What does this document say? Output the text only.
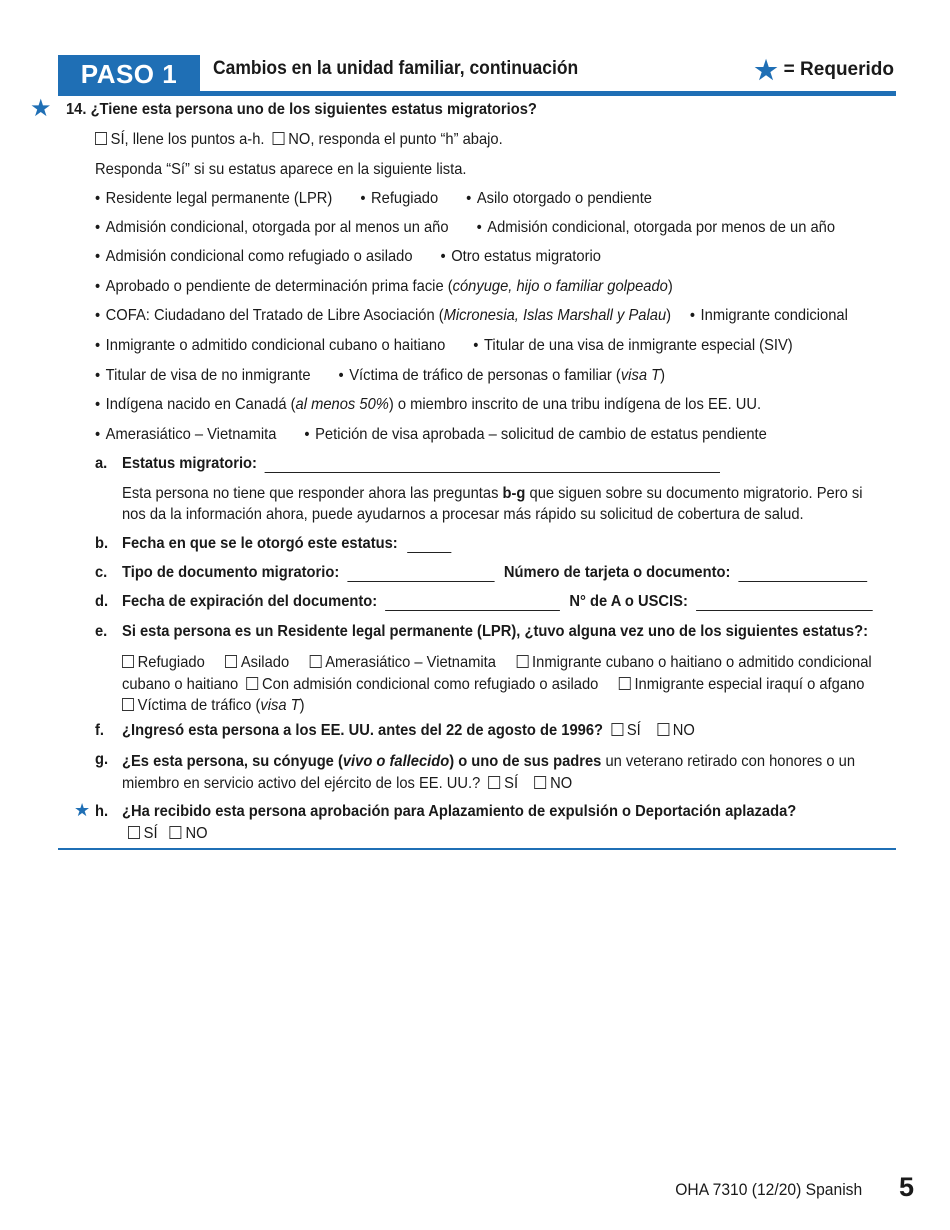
PASO 1	Cambios en la unidad familiar, continuación	★ = Requerido
★ 14. ¿Tiene esta persona uno de los siguientes estatus migratorios?
SÍ, llene los puntos a-h. NO, responda el punto “h” abajo.
Responda “Sí” si su estatus aparece en la siguiente lista.
• Residente legal permanente (LPR) • Refugiado • Asilo otorgado o pendiente
• Admisión condicional, otorgada por al menos un año • Admisión condicional, otorgada por menos de un año
• Admisión condicional como refugiado o asilado • Otro estatus migratorio
• Aprobado o pendiente de determinación prima facie (cónyuge, hijo o familiar golpeado)
• COFA: Ciudadano del Tratado de Libre Asociación (Micronesia, Islas Marshall y Palau) • Inmigrante condicional
• Inmigrante o admitido condicional cubano o haitiano • Titular de una visa de inmigrante especial (SIV)
• Titular de visa de no inmigrante • Víctima de tráfico de personas o familiar (visa T)
• Indígena nacido en Canadá (al menos 50%) o miembro inscrito de una tribu indígena de los EE. UU.
• Amerasiático – Vietnamita • Petición de visa aprobada – solicitud de cambio de estatus pendiente
a. Estatus migratorio:
Esta persona no tiene que responder ahora las preguntas b-g que siguen sobre su documento migratorio. Pero si nos da la información ahora, puede ayudarnos a procesar más rápido su solicitud de cobertura de salud.
b. Fecha en que se le otorgó este estatus:
c. Tipo de documento migratorio:	Número de tarjeta o documento:
d. Fecha de expiración del documento:	N° de A o USCIS:
e. Si esta persona es un Residente legal permanente (LPR), ¿tuvo alguna vez uno de los siguientes estatus?:
Refugiado Asilado Amerasiático – Vietnamita Inmigrante cubano o haitiano o admitido condicional cubano o haitiano Con admisión condicional como refugiado o asilado Inmigrante especial iraquí o afgano     Víctima de tráfico (visa T)
f. ¿Ingresó esta persona a los EE. UU. antes del 22 de agosto de 1996? SÍ NO
g. ¿Es esta persona, su cónyuge (vivo o fallecido) o uno de sus padres un veterano retirado con honores o un miembro en servicio activo del ejército de los EE. UU.? SÍ NO
★ h. ¿Ha recibido esta persona aprobación para Aplazamiento de expulsión o Deportación aplazada?
SÍ NO
OHA 7310 (12/20) Spanish 5
